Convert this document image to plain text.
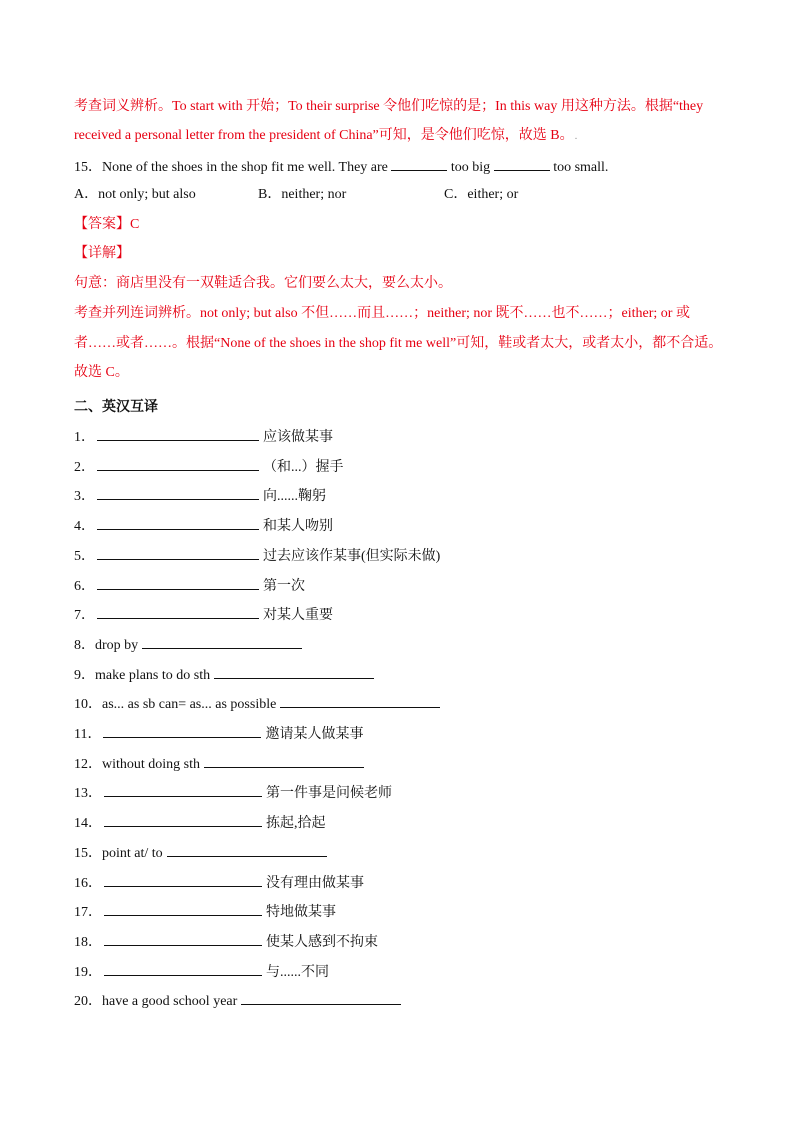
考查词义辨析。To start with 开始；To their surprise 令他们吃惊的是；In this way 用这种方法。根据“they
received a personal letter from the president of China”可知，是令他们吃惊，故选 B。.
15．None of the shoes in the shop fit me well. They are	too big	too small.
A．not only; but also	B．neither; nor	C．either; or
【答案】C
【详解】
句意：商店里没有一双鞋适合我。它们要么太大，要么太小。
考查并列连词辨析。not only; but also 不但……而且……；neither; nor 既不……也不……；either; or 或
者……或者……。根据“None of the shoes in the shop fit me well”可知，鞋或者太大，或者太小，都不合适。
故选 C。
二、英汉互译
1．	应该做某事
2．	（和...）握手
3．	向......鞠躬
4．	和某人吻别
5．	过去应该作某事(但实际未做)
6．	第一次
7．	对某人重要
8．drop by
9．make plans to do sth
10．as... as sb can= as... as possible
11．	邀请某人做某事
12．without doing sth
13．	第一件事是问候老师
14．	拣起,拾起
15．point at/ to
16．	没有理由做某事
17．	特地做某事
18．	使某人感到不拘束
19．	与......不同
20．have a good school year
